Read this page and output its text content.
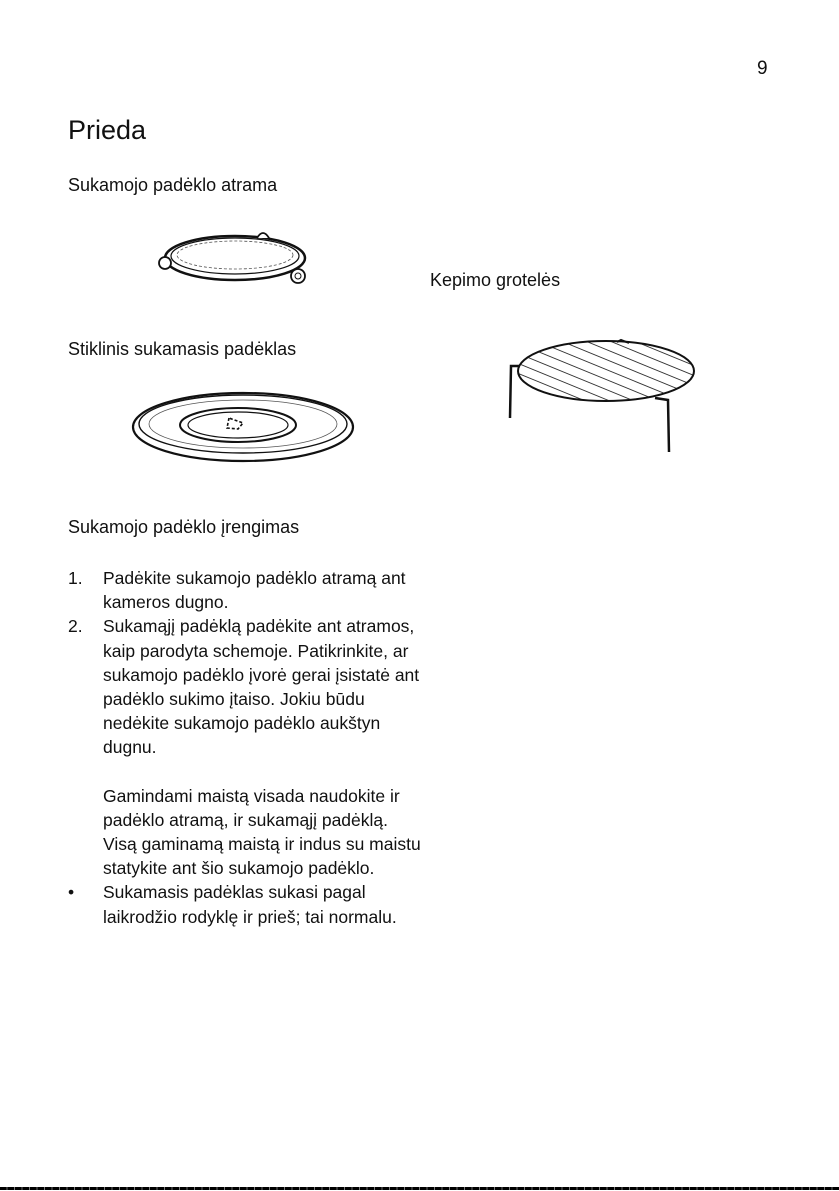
9
Prieda
Sukamojo padėklo atrama
Kepimo grotelės
Stiklinis sukamasis padėklas
Sukamojo padėklo įrengimas
1. Padėkite sukamojo padėklo atramą ant kameros dugno.
2. Sukamąjį padėklą padėkite ant atramos, kaip parodyta schemoje. Patikrinkite, ar sukamojo padėklo įvorė gerai įsistatė ant padėklo sukimo įtaiso. Jokiu būdu nedėkite sukamojo padėklo aukštyn dugnu.
Gamindami maistą visada naudokite ir padėklo atramą, ir sukamąjį padėklą.
Visą gaminamą maistą ir indus su maistu statykite ant šio sukamojo padėklo.
• Sukamasis padėklas sukasi pagal laikrodžio rodyklę ir prieš; tai normalu.
